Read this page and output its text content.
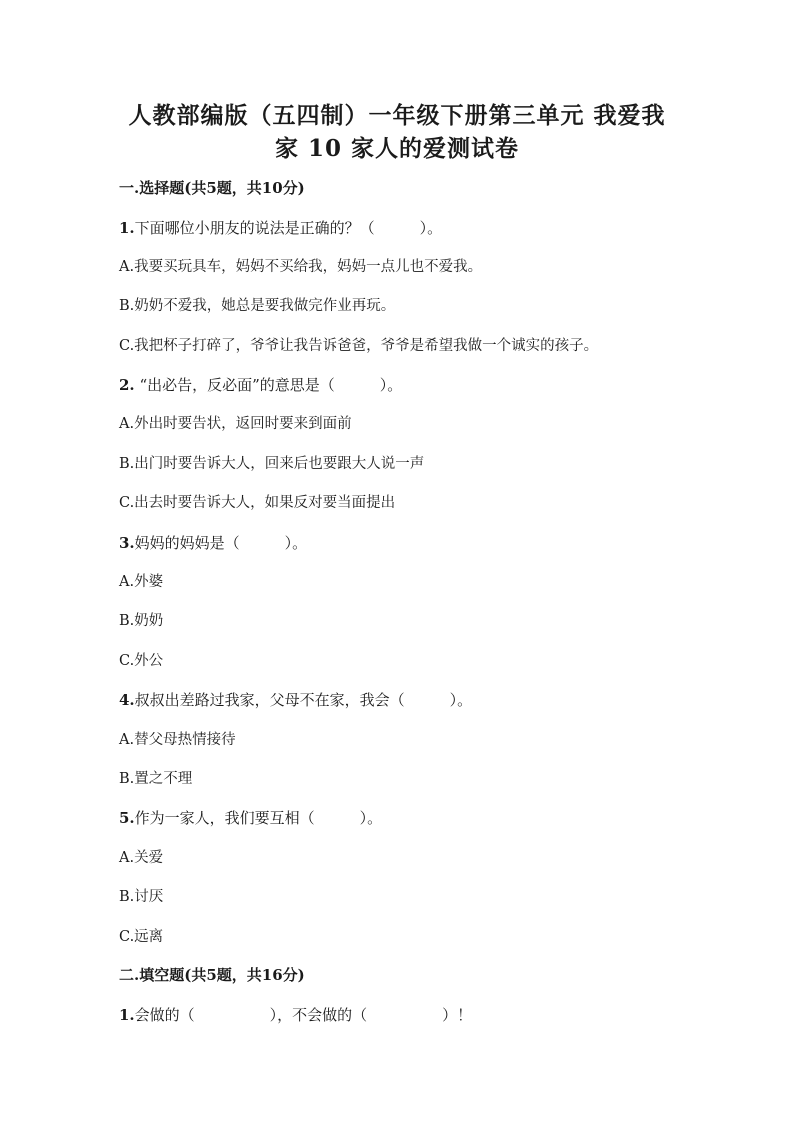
人教部编版（五四制）一年级下册第三单元 我爱我
家 10 家人的爱测试卷
一.选择题(共5题，共10分)
1.下面哪位小朋友的说法是正确的？（　　　）。
A.我要买玩具车，妈妈不买给我，妈妈一点儿也不爱我。
B.奶奶不爱我，她总是要我做完作业再玩。
C.我把杯子打碎了，爷爷让我告诉爸爸，爷爷是希望我做一个诚实的孩子。
2. “出必告，反必面”的意思是（　　　）。
A.外出时要告状，返回时要来到面前
B.出门时要告诉大人，回来后也要跟大人说一声
C.出去时要告诉大人，如果反对要当面提出
3.妈妈的妈妈是（　　　）。
A.外婆
B.奶奶
C.外公
4.叔叔出差路过我家，父母不在家，我会（　　　）。
A.替父母热情接待
B.置之不理
5.作为一家人，我们要互相（　　　）。
A.关爱
B.讨厌
C.远离
二.填空题(共5题，共16分)
1.会做的（　　　　　），不会做的（　　　　　）！
